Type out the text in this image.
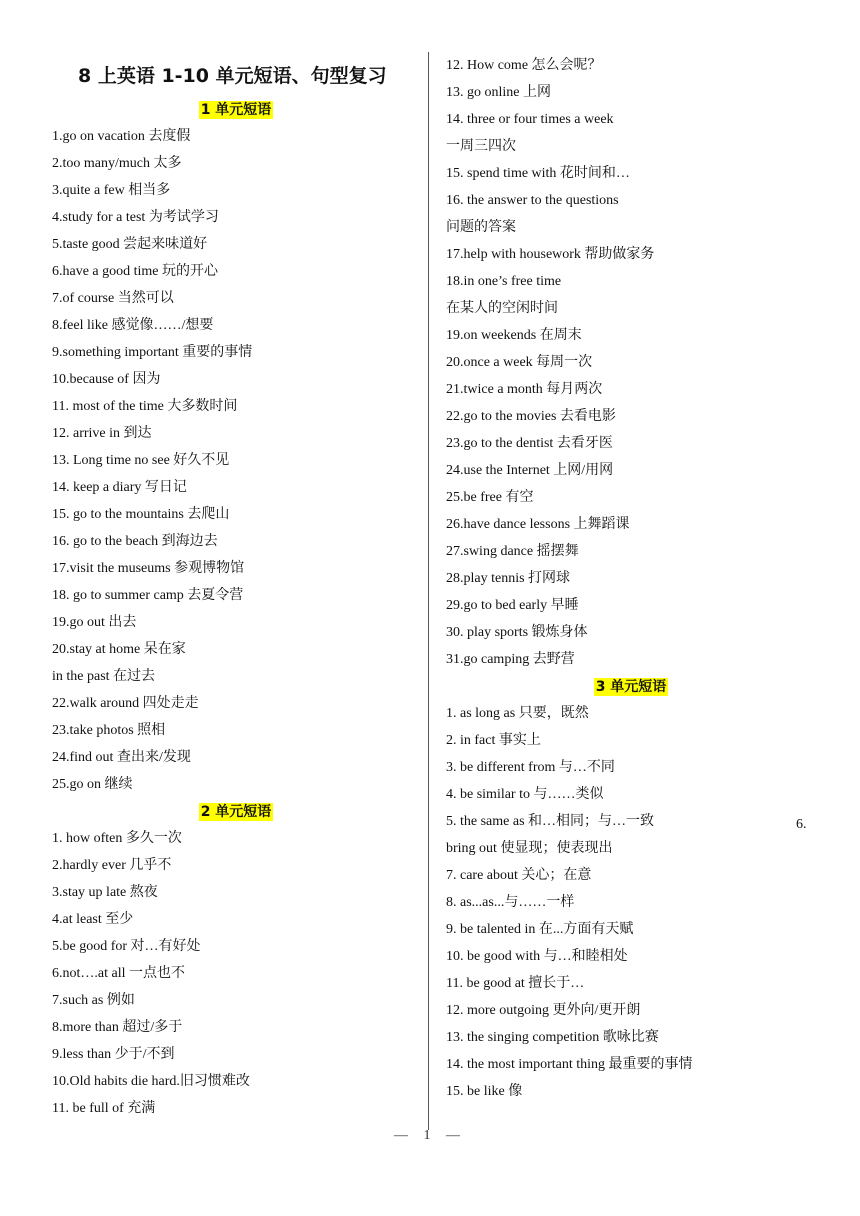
8 上英语 1-10 单元短语、句型复习
1 单元短语
1.go on vacation 去度假
2.too many/much 太多
3.quite a few 相当多
4.study for a test 为考试学习
5.taste good 尝起来味道好
6.have a good time 玩的开心
7.of course 当然可以
8.feel like 感觉像……/想要
9.something important 重要的事情
10.because of 因为
11. most of the time 大多数时间
12. arrive in 到达
13. Long time no see 好久不见
14. keep a diary 写日记
15. go to the mountains 去爬山
16. go to the beach 到海边去
17.visit the museums 参观博物馆
18. go to summer camp 去夏令营
19.go out 出去
20.stay at home 呆在家
in the past 在过去
22.walk around 四处走走
23.take photos 照相
24.find out 查出来/发现
25.go on 继续
2 单元短语
1. how often 多久一次
2.hardly ever 几乎不
3.stay up late 熬夜
4.at least 至少
5.be good for 对…有好处
6.not….at all 一点也不
7.such as 例如
8.more than 超过/多于
9.less than 少于/不到
10.Old habits die hard.旧习惯难改
11. be full of 充满
12. How come 怎么会呢？
13. go online 上网
14. three or four times a week
一周三四次
15. spend time with 花时间和…
16. the answer to the questions
问题的答案
17.help with housework 帮助做家务
18.in one’s free time
在某人的空闲时间
19.on weekends 在周末
20.once a week 每周一次
21.twice a month 每月两次
22.go to the movies 去看电影
23.go to the dentist 去看牙医
24.use the Internet 上网/用网
25.be free 有空
26.have dance lessons 上舞蹈课
27.swing dance 摇摆舞
28.play tennis 打网球
29.go to bed early 早睡
30. play sports 锻炼身体
31.go camping 去野营
3 单元短语
1. as long as 只要，既然
2. in fact 事实上
3. be different from 与…不同
4. be similar to 与……类似
5. the same as 和…相同；与…一致
bring out 使显现；使表现出
7. care about 关心；在意
8. as...as...与……一样
9. be talented in 在...方面有天赋
10. be good with 与…和睦相处
11. be good at 擅长于…
12. more outgoing 更外向/更开朗
13. the singing competition 歌咏比赛
14. the most important thing 最重要的事情
15. be like 像
6.
— 1 —
